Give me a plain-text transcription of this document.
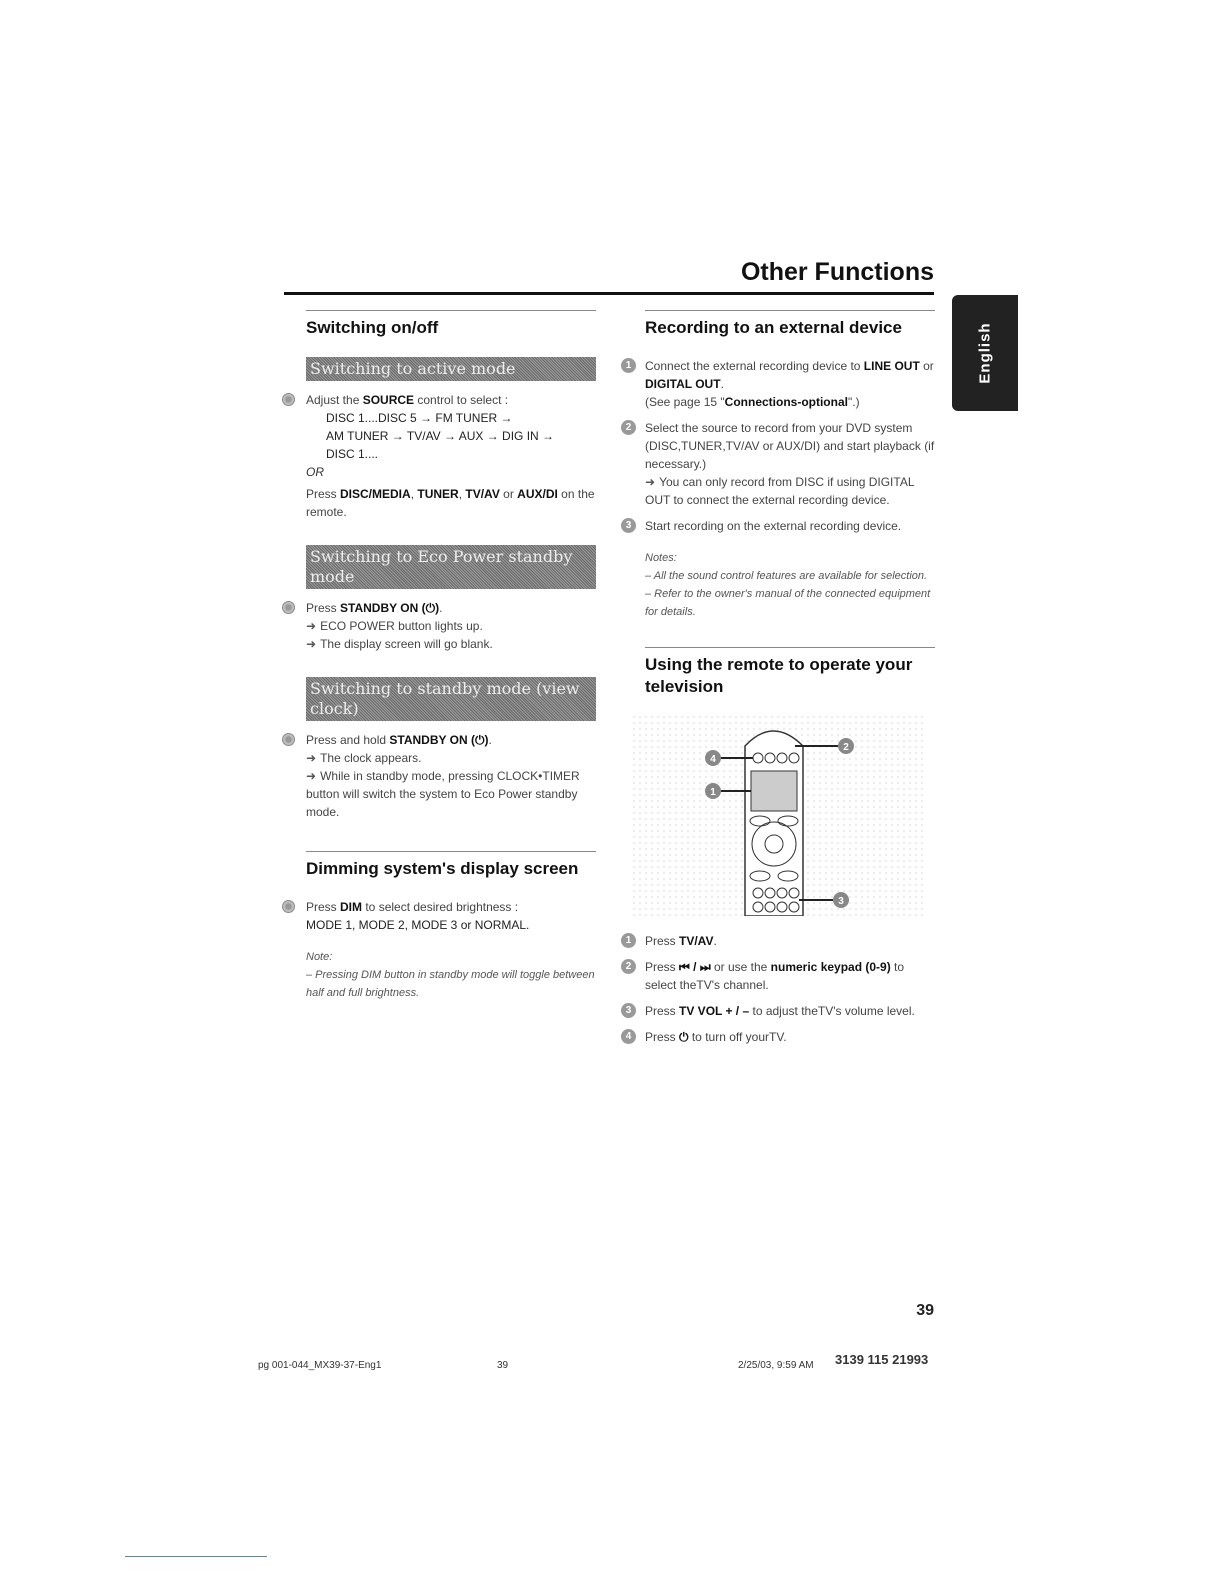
Other Functions
English
Switching on/off
Switching to active mode
Adjust the SOURCE control to select :
DISC 1....DISC 5 → FM TUNER →
AM TUNER → TV/AV → AUX → DIG IN →
DISC 1....
OR
Press DISC/MEDIA, TUNER, TV/AV or AUX/DI on the remote.
Switching to Eco Power standby mode
Press STANDBY ON (⏻).
➜ ECO POWER button lights up.
➜ The display screen will go blank.
Switching to standby mode (view clock)
Press and hold STANDBY ON (⏻).
➜ The clock appears.
➜ While in standby mode, pressing CLOCK•TIMER button will switch the system to Eco Power standby mode.
Dimming system's display screen
Press DIM to select desired brightness :
MODE 1, MODE 2, MODE 3 or NORMAL.
Note:
– Pressing DIM button in standby mode will toggle between half and full brightness.
Recording to an external device
1	Connect the external recording device to LINE OUT or DIGITAL OUT.
(See page 15 "Connections-optional".)
2	Select the source to record from your DVD system (DISC,TUNER,TV/AV or AUX/DI) and start playback (if necessary.)
➜ You can only record from DISC if using DIGITAL OUT to connect the external recording device.
3	Start recording on the external recording device.
Notes:
– All the sound control features are available for selection.
– Refer to the owner's manual of the connected equipment for details.
Using the remote to operate your television
4
1
2
3
1	Press TV/AV.
2	Press ⏮ / ⏭ or use the numeric keypad (0-9) to select theTV's channel.
3	Press TV VOL + / – to adjust theTV's volume level.
4	Press ⏻ to turn off yourTV.
39
pg 001-044_MX39-37-Eng1	39	2/25/03, 9:59 AM 3139 115 21993
